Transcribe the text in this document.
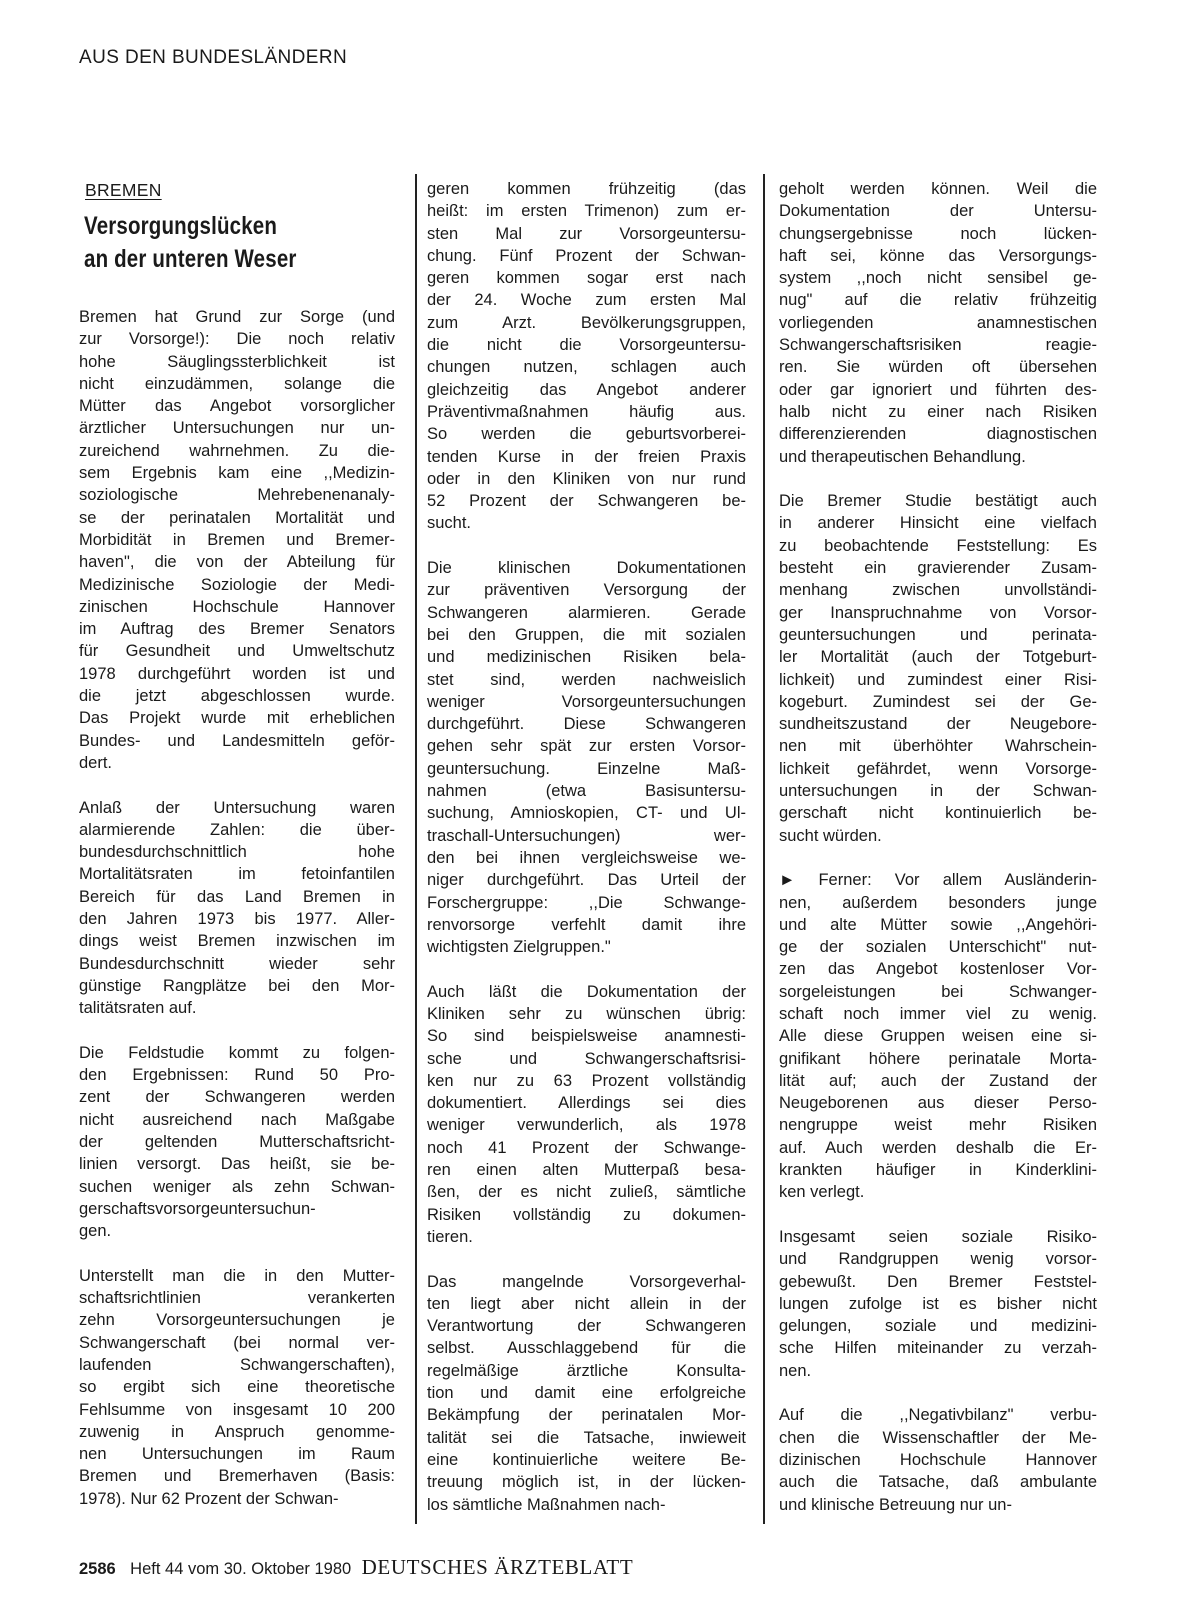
AUS DEN BUNDESLÄNDERN
BREMEN
Versorgungslücken
an der unteren Weser
Bremen hat Grund zur Sorge (und
zur Vorsorge!): Die noch relativ
hohe Säuglingssterblichkeit ist
nicht einzudämmen, solange die
Mütter das Angebot vorsorglicher
ärztlicher Untersuchungen nur un-
zureichend wahrnehmen. Zu die-
sem Ergebnis kam eine ,,Medizin-
soziologische Mehrebenenanaly-
se der perinatalen Mortalität und
Morbidität in Bremen und Bremer-
haven", die von der Abteilung für
Medizinische Soziologie der Medi-
zinischen Hochschule Hannover
im Auftrag des Bremer Senators
für Gesundheit und Umweltschutz
1978 durchgeführt worden ist und
die jetzt abgeschlossen wurde.
Das Projekt wurde mit erheblichen
Bundes- und Landesmitteln geför-
dert.
Anlaß der Untersuchung waren
alarmierende Zahlen: die über-
bundesdurchschnittlich hohe
Mortalitätsraten im fetoinfantilen
Bereich für das Land Bremen in
den Jahren 1973 bis 1977. Aller-
dings weist Bremen inzwischen im
Bundesdurchschnitt wieder sehr
günstige Rangplätze bei den Mor-
talitätsraten auf.
Die Feldstudie kommt zu folgen-
den Ergebnissen: Rund 50 Pro-
zent der Schwangeren werden
nicht ausreichend nach Maßgabe
der geltenden Mutterschaftsricht-
linien versorgt. Das heißt, sie be-
suchen weniger als zehn Schwan-
gerschaftsvorsorgeuntersuchun-
gen.
Unterstellt man die in den Mutter-
schaftsrichtlinien verankerten
zehn Vorsorgeuntersuchungen je
Schwangerschaft (bei normal ver-
laufenden Schwangerschaften),
so ergibt sich eine theoretische
Fehlsumme von insgesamt 10 200
zuwenig in Anspruch genomme-
nen Untersuchungen im Raum
Bremen und Bremerhaven (Basis:
1978). Nur 62 Prozent der Schwan-
geren kommen frühzeitig (das
heißt: im ersten Trimenon) zum er-
sten Mal zur Vorsorgeuntersu-
chung. Fünf Prozent der Schwan-
geren kommen sogar erst nach
der 24. Woche zum ersten Mal
zum Arzt. Bevölkerungsgruppen,
die nicht die Vorsorgeuntersu-
chungen nutzen, schlagen auch
gleichzeitig das Angebot anderer
Präventivmaßnahmen häufig aus.
So werden die geburtsvorberei-
tenden Kurse in der freien Praxis
oder in den Kliniken von nur rund
52 Prozent der Schwangeren be-
sucht.
Die klinischen Dokumentationen
zur präventiven Versorgung der
Schwangeren alarmieren. Gerade
bei den Gruppen, die mit sozialen
und medizinischen Risiken bela-
stet sind, werden nachweislich
weniger Vorsorgeuntersuchungen
durchgeführt. Diese Schwangeren
gehen sehr spät zur ersten Vorsor-
geuntersuchung. Einzelne Maß-
nahmen (etwa Basisuntersu-
suchung, Amnioskopien, CT- und Ul-
traschall-Untersuchungen) wer-
den bei ihnen vergleichsweise we-
niger durchgeführt. Das Urteil der
Forschergruppe: ,,Die Schwange-
renvorsorge verfehlt damit ihre
wichtigsten Zielgruppen."
Auch läßt die Dokumentation der
Kliniken sehr zu wünschen übrig:
So sind beispielsweise anamnesti-
sche und Schwangerschaftsrisi-
ken nur zu 63 Prozent vollständig
dokumentiert. Allerdings sei dies
weniger verwunderlich, als 1978
noch 41 Prozent der Schwange-
ren einen alten Mutterpaß besa-
ßen, der es nicht zuließ, sämtliche
Risiken vollständig zu dokumen-
tieren.
Das mangelnde Vorsorgeverhal-
ten liegt aber nicht allein in der
Verantwortung der Schwangeren
selbst. Ausschlaggebend für die
regelmäßige ärztliche Konsulta-
tion und damit eine erfolgreiche
Bekämpfung der perinatalen Mor-
talität sei die Tatsache, inwieweit
eine kontinuierliche weitere Be-
treuung möglich ist, in der lücken-
los sämtliche Maßnahmen nach-
geholt werden können. Weil die
Dokumentation der Untersu-
chungsergebnisse noch lücken-
haft sei, könne das Versorgungs-
system ,,noch nicht sensibel ge-
nug" auf die relativ frühzeitig
vorliegenden anamnestischen
Schwangerschaftsrisiken reagie-
ren. Sie würden oft übersehen
oder gar ignoriert und führten des-
halb nicht zu einer nach Risiken
differenzierenden diagnostischen
und therapeutischen Behandlung.
Die Bremer Studie bestätigt auch
in anderer Hinsicht eine vielfach
zu beobachtende Feststellung: Es
besteht ein gravierender Zusam-
menhang zwischen unvollständi-
ger Inanspruchnahme von Vorsor-
geuntersuchungen und perinata-
ler Mortalität (auch der Totgeburt-
lichkeit) und zumindest einer Risi-
kogeburt. Zumindest sei der Ge-
sundheitszustand der Neugebore-
nen mit überhöhter Wahrschein-
lichkeit gefährdet, wenn Vorsorge-
untersuchungen in der Schwan-
gerschaft nicht kontinuierlich be-
sucht würden.
► Ferner: Vor allem Ausländerin-
nen, außerdem besonders junge
und alte Mütter sowie ,,Angehöri-
ge der sozialen Unterschicht" nut-
zen das Angebot kostenloser Vor-
sorgeleistungen bei Schwanger-
schaft noch immer viel zu wenig.
Alle diese Gruppen weisen eine si-
gnifikant höhere perinatale Morta-
lität auf; auch der Zustand der
Neugeborenen aus dieser Perso-
nengruppe weist mehr Risiken
auf. Auch werden deshalb die Er-
krankten häufiger in Kinderklini-
ken verlegt.
Insgesamt seien soziale Risiko-
und Randgruppen wenig vorsor-
gebewußt. Den Bremer Feststel-
lungen zufolge ist es bisher nicht
gelungen, soziale und medizini-
sche Hilfen miteinander zu verzah-
nen.
Auf die ,,Negativbilanz" verbu-
chen die Wissenschaftler der Me-
dizinischen Hochschule Hannover
auch die Tatsache, daß ambulante
und klinische Betreuung nur un-
2586 Heft 44 vom 30. Oktober 1980 DEUTSCHES ÄRZTEBLATT
